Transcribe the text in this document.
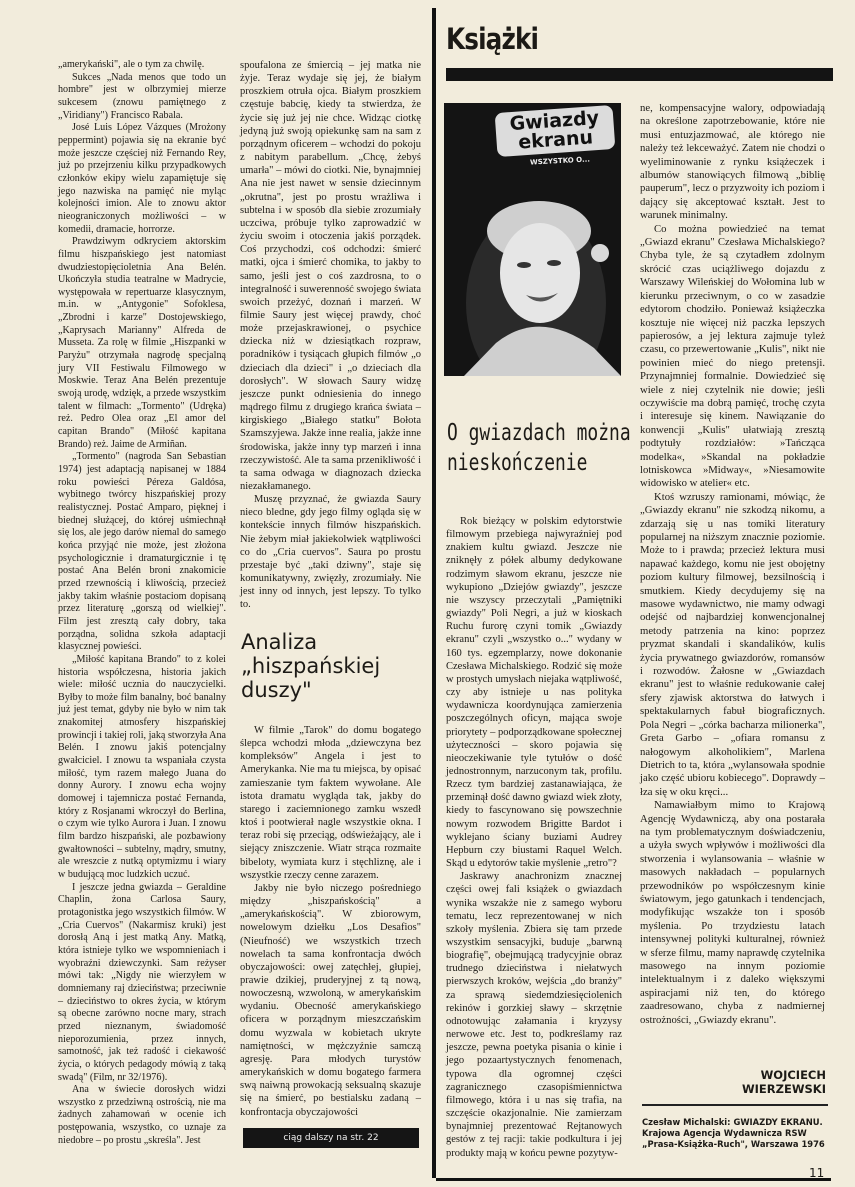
„amerykański", ale o tym za chwilę.

Sukces „Nada menos que todo un hombre" jest w olbrzymiej mierze sukcesem (znowu pamiętnego z „Viridiany") Francisco Rabala.

José Luis López Vázques (Mrożony peppermint) pojawia się na ekranie być może jeszcze częściej niż Fernando Rey, już po przejrzeniu kilku przypadkowych członków ekipy wielu zapamiętuje się jego nazwiska na pamięć nie myląc kolejności imion. Ale to znowu aktor nieograniczonych możliwości – w komedii, dramacie, horrorze.

Prawdziwym odkryciem aktorskim filmu hiszpańskiego jest natomiast dwudziestopięcioletnia Ana Belén. Ukończyła studia teatralne w Madrycie, występowała w repertuarze klasycznym, m.in. w „Antygonie" Sofoklesa, „Zbrodni i karze" Dostojewskiego, „Kaprysach Marianny" Alfreda de Musseta. Za rolę w filmie „Hiszpanki w Paryżu" otrzymała nagrodę specjalną jury VII Festiwalu Filmowego w Moskwie. Teraz Ana Belén prezentuje swoją urodę, wdzięk, a przede wszystkim talent w filmach: „Tormento" (Udręka) reż. Pedro Olea oraz „El amor del capitan Brando" (Miłość kapitana Brando) reż. Jaime de Armiñan.

„Tormento" (nagroda San Sebastian 1974) jest adaptacją napisanej w 1884 roku powieści Péreza Galdósa, wybitnego twórcy hiszpańskiej prozy realistycznej. Postać Amparo, pięknej i biednej służącej, do której uśmiechnął się los, ale jego darów niemal do samego końca przyjąć nie może, jest złożona psychologicznie i dramaturgicznie i tę postać Ana Belén broni znakomicie przed rzewnością i kliwością, przecież jakby takim właśnie postaciom dopisaną przez literaturę „gorszą od wielkiej". Film jest zresztą cały dobry, taka porządna, solidna szkoła adaptacji klasycznej powieści.

„Miłość kapitana Brando" to z kolei historia współczesna, historia jakich wiele: miłość ucznia do nauczycielki. Byłby to może film banalny, boć banalny już jest temat, gdyby nie było w nim tak znakomitej atmosfery hiszpańskiej prowincji i takiej roli, jaką stworzyła Ana Belén. I znowu jakiś potencjalny gwałciciel. I znowu ta wspaniała czysta miłość, tym razem małego Juana do donny Aurory. I znowu echa wojny domowej i tajemnicza postać Fernanda, który z Rosjanami wkroczył do Berlina, o czym wie tylko Aurora i Juan. I znowu film bardzo hiszpański, ale pozbawiony gwałtowności – subtelny, mądry, smutny, ale wreszcie z nutką optymizmu i wiary w budującą moc ludzkich uczuć.

I jeszcze jedna gwiazda – Geraldine Chaplin, żona Carlosa Saury, protagonistka jego wszystkich filmów. W „Cria Cuervos" (Nakarmisz kruki) jest dorosłą Aną i jest matką Any. Matką, która istnieje tylko we wspomnieniach i wyobraźni dziewczynki. Sam reżyser mówi tak: „Nigdy nie wierzyłem w domniemany raj dzieciństwa; przeciwnie – dzieciństwo to okres życia, w którym są obecne zarówno nocne mary, strach przed nieznanym, świadomość nieporozumienia, przez innych, samotność, jak też radość i ciekawość życia, o których pedagody mówią z taką swadą" (Film, nr 32/1976).

Ana w świecie dorosłych widzi wszystko z przedziwną ostrością, nie ma żadnych zahamowań w ocenie ich postępowania, wszystko, co uznaje za niedobre – po prostu „skreśla". Jest

spoufalona ze śmiercią – jej matka nie żyje. Teraz wydaje się jej, że białym proszkiem otruła ojca. Białym proszkiem częstuje babcię, kiedy ta stwierdza, że życie się już jej nie chce. Widząc ciotkę jedyną już swoją opiekunkę sam na sam z porządnym oficerem – wchodzi do pokoju z nabitym parabellum. „Chcę, żebyś umarła" – mówi do ciotki. Nie, bynajmniej Ana nie jest nawet w sensie dziecinnym „okrutna", jest po prostu wrażliwa i subtelna i w sposób dla siebie zrozumiały uczciwa, próbuje tylko zaprowadzić w życiu swoim i otoczenia jakiś porządek. Coś przychodzi, coś odchodzi: śmierć matki, ojca i śmierć chomika, to jakby to samo, jeśli jest o coś zazdrosna, to o integralność i suwerenność swojego świata swoich przeżyć, doznań i marzeń. W filmie Saury jest więcej prawdy, choć może przejaskrawionej, o psychice dziecka niż w dziesiątkach rozpraw, poradników i tysiącach głupich filmów „o dzieciach dla dzieci" i „o dzieciach dla dorosłych". W słowach Saury widzę jeszcze punkt odniesienia do innego mądrego filmu z drugiego krańca świata – kirgiskiego „Białego statku" Bołota Szamszyjewa. Jakże inne realia, jakże inne środowiska, jakże inny typ marzeń i inna rzeczywistość. Ale ta sama przenikliwość i ta sama odwaga w diagnozach dziecka niezakłamanego.

Muszę przyznać, że gwiazda Saury nieco bledne, gdy jego filmy ogląda się w kontekście innych filmów hiszpańskich. Nie żebym miał jakiekolwiek wątpliwości co do „Cria cuervos". Saura po prostu przestaje być „taki dziwny", staje się komunikatywny, zwięzły, zrozumiały. Nie jest inny od innych, jest lepszy. To tylko to.

Analiza „hiszpańskiej duszy"

W filmie „Tarok" do domu bogatego ślepca wchodzi młoda „dziewczyna bez kompleksów" Angela i jest to Amerykanka. Nie ma tu miejsca, by opisać zamieszanie tym faktem wywołane. Ale istota dramatu wygląda tak, jakby do starego i zaciemnionego zamku wszedł ktoś i pootwierał nagle wszystkie okna. I teraz robi się przeciąg, odświeżający, ale i siejący zniszczenie. Wiatr strąca rozmaite bibeloty, wymiata kurz i stęchliznę, ale i wszystkie rzeczy cenne zarazem.

Jakby nie było niczego pośredniego między „hiszpańskością" a „amerykańskością". W zbiorowym, nowelowym dziełku „Los Desafios" (Nieufność) we wszystkich trzech nowelach ta sama konfrontacja dwóch obyczajowości: owej zatęchłej, głupiej, prawie dzikiej, pruderyjnej z tą nową, nowoczesną, wzwoloną, w amerykańskim wydaniu. Obecność amerykańskiego oficera w porządnym mieszczańskim domu wyzwala w kobietach ukryte namiętności, w mężczyźnie samczą agresję. Para młodych turystów amerykańskich w domu bogatego farmera swą naiwną prowokacją seksualną skazuje się na śmierć, po bestialsku zadaną – konfrontacja obyczajowości

ciąg dalszy na str. 22
Książki
Gwiazdy ekranu
WSZYSTKO O...
O gwiazdach można
nieskończenie

Rok bieżący w polskim edytorstwie filmowym przebiega najwyraźniej pod znakiem kultu gwiazd. Jeszcze nie zniknęły z półek albumy dedykowane rodzimym sławom ekranu, jeszcze nie wykupiono „Dziejów gwiazdy", jeszcze nie wszyscy przeczytali „Pamiętniki gwiazdy" Poli Negri, a już w kioskach Ruchu furorę czyni tomik „Gwiazdy ekranu" czyli „wszystko o..." wydany w 160 tys. egzemplarzy, nowe dokonanie Czesława Michalskiego. Rodzić się może w prostych umysłach niejaka wątpliwość, czy aby istnieje u nas polityka wydawnicza koordynująca zamierzenia poszczególnych oficyn, mająca swoje priorytety – podporządkowane społecznej użyteczności – skoro pojawia się nieoczekiwanie tyle tytułów o dość jednostronnym, narzuconym tak, profilu. Rzecz tym bardziej zastanawiająca, że przeminął dość dawno gwiazd wiek złoty, kiedy to fascynowano się powszechnie nowym rozwodem Brigitte Bardot i wyklejano ściany buziami Audrey Hepburn czy biustami Raquel Welch. Skąd u edytorów takie myślenie „retro"?

Jaskrawy anachronizm znacznej części owej fali książek o gwiazdach wynika wszakże nie z samego wyboru tematu, lecz reprezentowanej w nich szkoły myślenia. Zbiera się tam przede wszystkim sensacyjki, buduje „barwną biografię", obejmującą tradycyjnie obraz trudnego dzieciństwa i niełatwych pierwszych kroków, wejścia „do branży" za sprawą siedemdziesięciolenich rekinów i gorzkiej sławy – skrzętnie odnotowując załamania i kryzysy nerwowe etc. Jest to, podkreślamy raz jeszcze, pewna poetyka pisania o kinie i jego pozaartystycznych fenomenach, typowa dla ogromnej części zagranicznego czasopiśmiennictwa filmowego, która i u nas się trafia, na szczęście okazjonalnie. Nie zamierzam bynajmniej prezentować Rejtanowych gestów z tej racji: takie podkultura i jej produkty mają w końcu pewne pozytyw-

ne, kompensacyjne walory, odpowiadają na określone zapotrzebowanie, które nie musi entuzjazmować, ale którego nie należy też lekceważyć. Zatem nie chodzi o wyeliminowanie z rynku książeczek i albumów stanowiących filmową „biblię pauperum", lecz o przyzwoity ich poziom i dający się akceptować kształt. Jest to warunek minimalny.

Co można powiedzieć na temat „Gwiazd ekranu" Czesława Michalskiego? Chyba tyle, że są czytadłem zdolnym skrócić czas uciążliwego dojazdu z Warszawy Wileńskiej do Wołomina lub w kierunku przeciwnym, o co w zasadzie edytorom chodziło. Ponieważ książeczka kosztuje nie więcej niż paczka lepszych papierosów, a jej lektura zajmuje tyleż czasu, co przewertowanie „Kulis", nikt nie powinien mieć do niego pretensji. Przynajmniej formalnie. Dowiedzieć się wiele z niej czytelnik nie dowie; jeśli oczywiście ma dobrą pamięć, trochę czyta i interesuje się kinem. Nawiązanie do konwencji „Kulis" ułatwiają zresztą podtytuły rozdziałów: »Tańcząca modelka«, »Skandal na pokładzie lotniskowca »Midway«, »Niesamowite widowisko w atelier« etc.

Ktoś wzruszy ramionami, mówiąc, że „Gwiazdy ekranu" nie szkodzą nikomu, a zdarzają się u nas tomiki literatury popularnej na niższym znacznie poziomie. Może to i prawda; przecież lektura musi napawać każdego, komu nie jest obojętny poziom kultury filmowej, bezsilnością i smutkiem. Kiedy decydujemy się na masowe wydawnictwo, nie mamy odwagi odejść od najbardziej konwencjonalnej metody patrzenia na kino: poprzez pryzmat skandali i skandalików, kulis życia prywatnego gwiazdorów, romansów i rozwodów. Żałosne w „Gwiazdach ekranu" jest to właśnie redukowanie całej sfery zjawisk aktorstwa do łatwych i spektakularnych fabuł biograficznych. Pola Negri – „córka bacharza milionerka", Greta Garbo – „ofiara romansu z nałogowym alkoholikiem", Marlena Dietrich to ta, która „wylansowała spodnie jako część ubioru kobiecego". Doprawdy – łza się w oku kręci...

Namawiałbym mimo to Krajową Agencję Wydawniczą, aby ona postarała na tym problematycznym doświadczeniu, a użyła swych wpływów i możliwości dla stworzenia i wylansowania – właśnie w masowych nakładach – popularnych przewodników po współczesnym kinie światowym, jego gatunkach i tendencjach, modyfikując wszakże ton i sposób myślenia. Po trzydziestu latach intensywnej polityki kulturalnej, również w sferze filmu, mamy naprawdę czytelnika masowego na innym poziomie intelektualnym i z daleko większymi aspiracjami niż ten, do którego zaadresowano, chyba z nadmiernej ostrożności, „Gwiazdy ekranu".

WOJCIECH
WIERZEWSKI
Czesław Michalski: GWIAZDY EKRANU. Krajowa Agencja Wydawnicza RSW „Prasa-Książka-Ruch", Warszawa 1976
11
